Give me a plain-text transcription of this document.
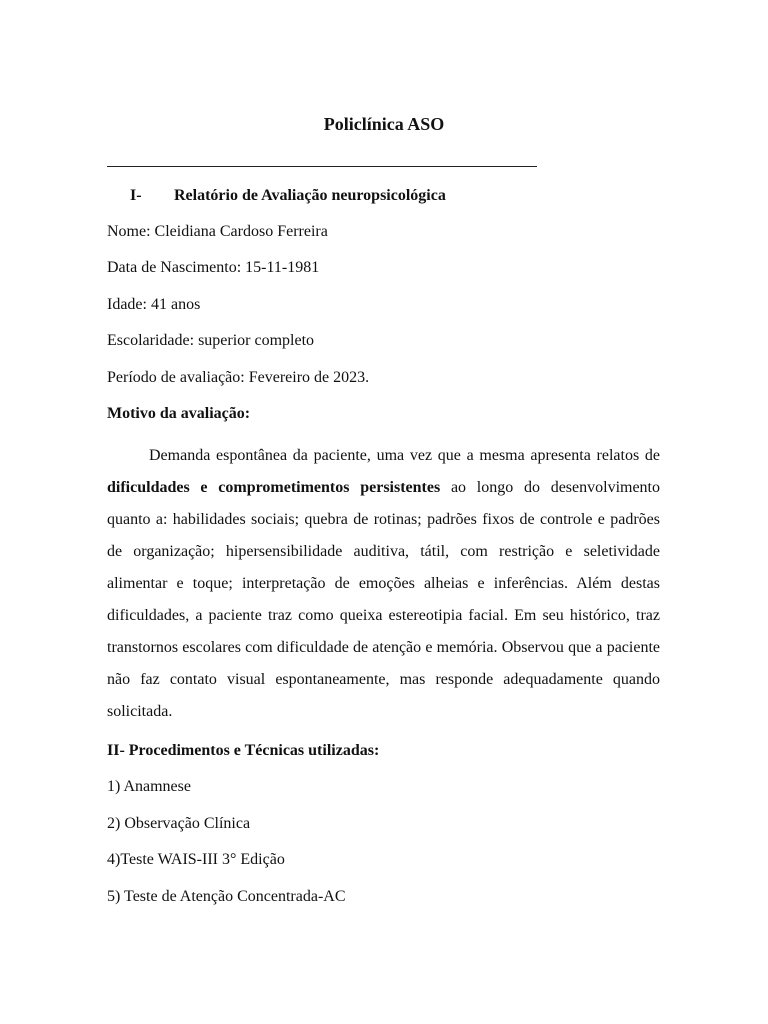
Policlínica ASO
I- Relatório de Avaliação neuropsicológica
Nome: Cleidiana Cardoso Ferreira
Data de Nascimento: 15-11-1981
Idade: 41 anos
Escolaridade: superior completo
Período de avaliação: Fevereiro de 2023.
Motivo da avaliação:

Demanda espontânea da paciente, uma vez que a mesma apresenta relatos de dificuldades e comprometimentos persistentes ao longo do desenvolvimento quanto a: habilidades sociais; quebra de rotinas; padrões fixos de controle e padrões de organização; hipersensibilidade auditiva, tátil, com restrição e seletividade alimentar e toque; interpretação de emoções alheias e inferências. Além destas dificuldades, a paciente traz como queixa estereotipia facial. Em seu histórico, traz transtornos escolares com dificuldade de atenção e memória. Observou que a paciente não faz contato visual espontaneamente, mas responde adequadamente quando solicitada.

II- Procedimentos e Técnicas utilizadas:
1) Anamnese
2) Observação Clínica
4)Teste WAIS-III 3° Edição
5) Teste de Atenção Concentrada-AC
